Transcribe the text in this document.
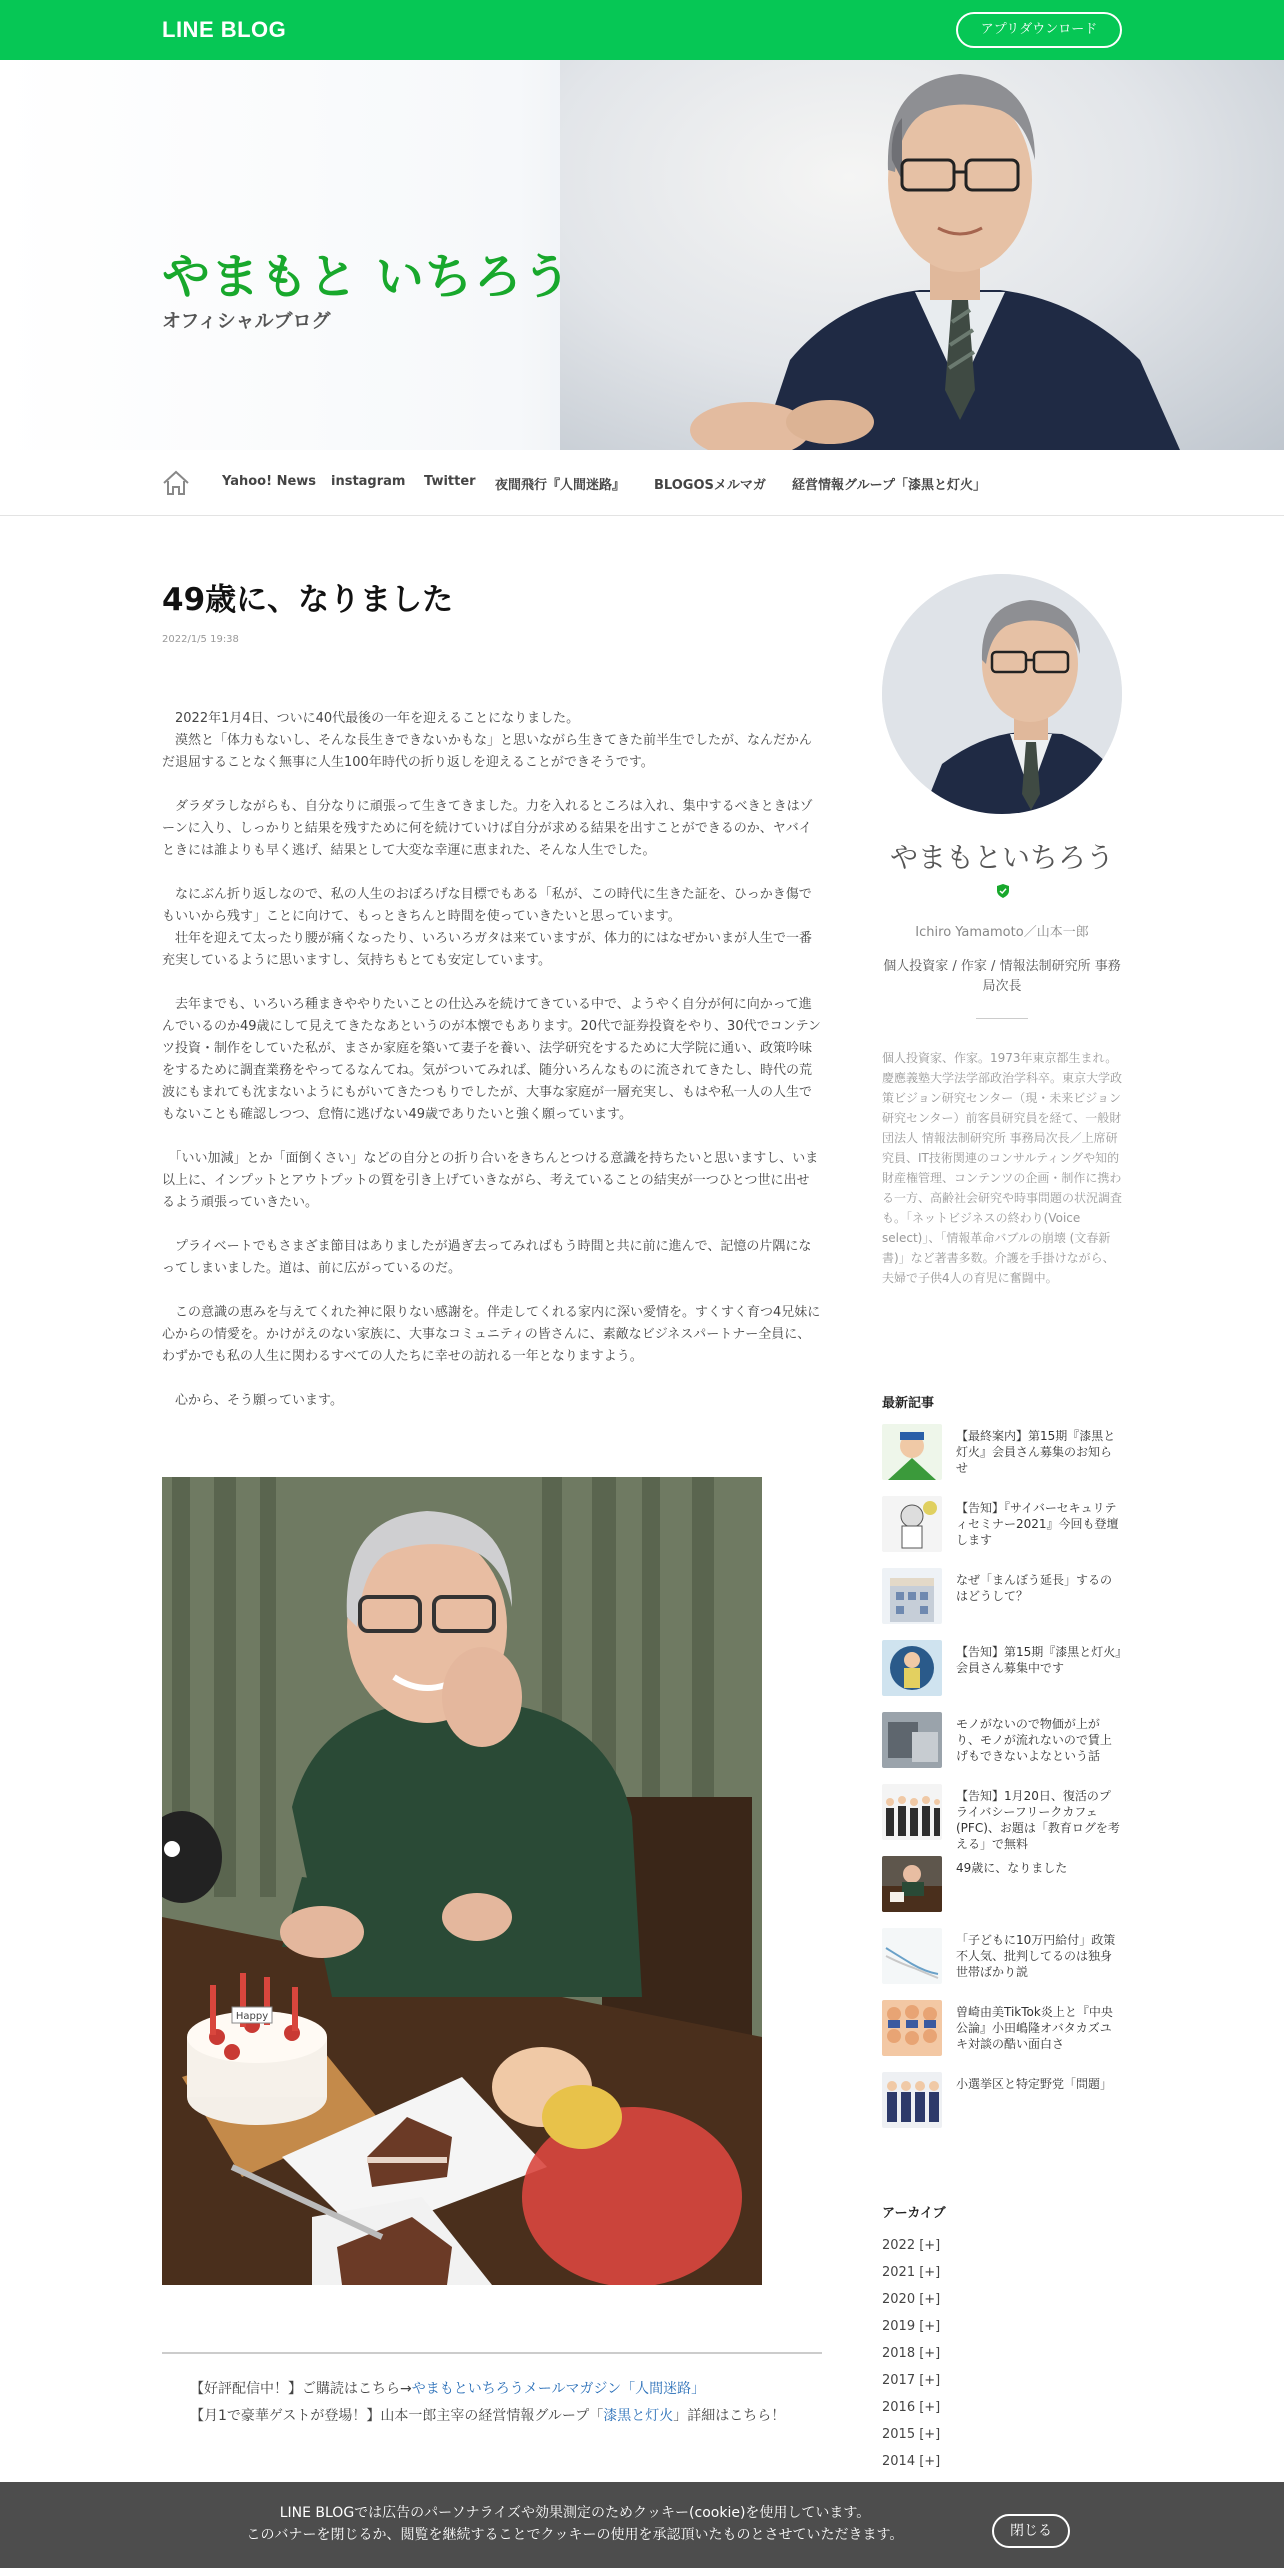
LINE BLOG	アプリダウンロード
やまもと いちろう
オフィシャルブログ
Yahoo! News instagram Twitter 夜間飛行『人間迷路』 BLOGOSメルマガ 経営情報グループ「漆黒と灯火」
49歳に、なりました
2022/1/5 19:38

　2022年1月4日、ついに40代最後の一年を迎えることになりました。
　漠然と「体力もないし、そんな長生きできないかもな」と思いながら生きてきた前半生でしたが、なんだかんだ退屈することなく無事に人生100年時代の折り返しを迎えることができそうです。

　ダラダラしながらも、自分なりに頑張って生きてきました。力を入れるところは入れ、集中するべきときはゾーンに入り、しっかりと結果を残すために何を続けていけば自分が求める結果を出すことができるのか、ヤバイときには誰よりも早く逃げ、結果として大変な幸運に恵まれた、そんな人生でした。

　なにぶん折り返しなので、私の人生のおぼろげな目標でもある「私が、この時代に生きた証を、ひっかき傷でもいいから残す」ことに向けて、もっときちんと時間を使っていきたいと思っています。
　壮年を迎えて太ったり腰が痛くなったり、いろいろガタは来ていますが、体力的にはなぜかいまが人生で一番充実しているように思いますし、気持ちもとても安定しています。

　去年までも、いろいろ種まきややりたいことの仕込みを続けてきている中で、ようやく自分が何に向かって進んでいるのか49歳にして見えてきたなあというのが本懐でもあります。20代で証券投資をやり、30代でコンテンツ投資・制作をしていた私が、まさか家庭を築いて妻子を養い、法学研究をするために大学院に通い、政策吟味をするために調査業務をやってるなんてね。気がついてみれば、随分いろんなものに流されてきたし、時代の荒波にもまれても沈まないようにもがいてきたつもりでしたが、大事な家庭が一層充実し、もはや私一人の人生でもないことも確認しつつ、怠惰に逃げない49歳でありたいと強く願っています。

　「いい加減」とか「面倒くさい」などの自分との折り合いをきちんとつける意識を持ちたいと思いますし、いま以上に、インプットとアウトプットの質を引き上げていきながら、考えていることの結実が一つひとつ世に出せるよう頑張っていきたい。

　プライベートでもさまざま節目はありましたが過ぎ去ってみればもう時間と共に前に進んで、記憶の片隅になってしまいました。道は、前に広がっているのだ。

　この意識の恵みを与えてくれた神に限りない感謝を。伴走してくれる家内に深い愛情を。すくすく育つ4兄妹に心からの情愛を。かけがえのない家族に、大事なコミュニティの皆さんに、素敵なビジネスパートナー全員に、わずかでも私の人生に関わるすべての人たちに幸せの訪れる一年となりますよう。

　心から、そう願っています。

Happy
【好評配信中！】ご購読はこちら→やまもといちろうメールマガジン「人間迷路」
【月1で豪華ゲストが登場！】山本一郎主宰の経営情報グループ「漆黒と灯火」詳細はこちら！
やまもといちろう
Ichiro Yamamoto／山本一郎
個人投資家 / 作家 / 情報法制研究所 事務局次長
個人投資家、作家。1973年東京都生まれ。慶應義塾大学法学部政治学科卒。東京大学政策ビジョン研究センター（現・未来ビジョン研究センター）前客員研究員を経て、一般財団法人 情報法制研究所 事務局次長／上席研究員、IT技術関連のコンサルティングや知的財産権管理、コンテンツの企画・制作に携わる一方、高齢社会研究や時事問題の状況調査も。「ネットビジネスの終わり(Voice select)」、「情報革命バブルの崩壊 (文春新書)」など著書多数。介護を手掛けながら、夫婦で子供4人の育児に奮闘中。
最新記事
【最終案内】第15期『漆黒と灯火』会員さん募集のお知らせ
【告知】『サイバーセキュリティセミナー2021』今回も登壇します
なぜ「まんぼう延長」するのはどうして？
【告知】第15期『漆黒と灯火』会員さん募集中です
モノがないので物価が上がり、モノが流れないので賃上げもできないよなという話
【告知】1月20日、復活のプライバシーフリークカフェ(PFC)、お題は「教育ログを考える」で無料
49歳に、なりました
「子どもに10万円給付」政策不人気、批判してるのは独身世帯ばかり説
曽崎由美TikTok炎上と『中央公論』小田嶋隆オバタカズユキ対談の酷い面白さ
小選挙区と特定野党「問題」
アーカイブ
2022 [+]
2021 [+]
2020 [+]
2019 [+]
2018 [+]
2017 [+]
2016 [+]
2015 [+]
2014 [+]
LINE BLOGでは広告のパーソナライズや効果測定のためクッキー(cookie)を使用しています。
このバナーを閉じるか、閲覧を継続することでクッキーの使用を承認頂いたものとさせていただきます。	閉じる
